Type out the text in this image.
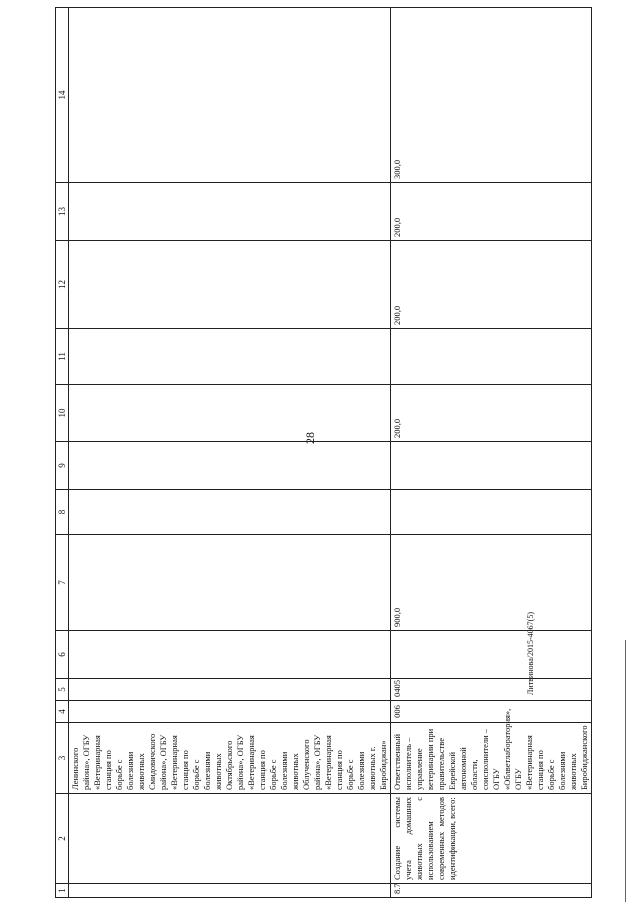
28
Литвинова/2015-4067(5)
1	2	3	4	5	6	7	8	9	10	11	12	13	14
		Ленинского района», ОГБУ «Ветеринарная станция по борьбе с болезнями животных Смидовичского района», ОГБУ «Ветеринарная станция по борьбе с болезнями животных Октябрьского района», ОГБУ «Ветеринарная станция по борьбе с болезнями животных Облученского района», ОГБУ «Ветеринарная станция по борьбе с болезнями животных г. Биробиджан»											
8.7	Создание системы учета домашних животных с использованием современных методов идентификации, всего:	Ответственный исполнитель – управление ветеринарии при правительстве Еврейской автономной области, соисполнители – ОГБУ «Облветлаборатория», ОГБУ «Ветеринарная станция по борьбе с болезнями животных Биробиджанского	006	0405		900,0			200,0		200,0	200,0	300,0
